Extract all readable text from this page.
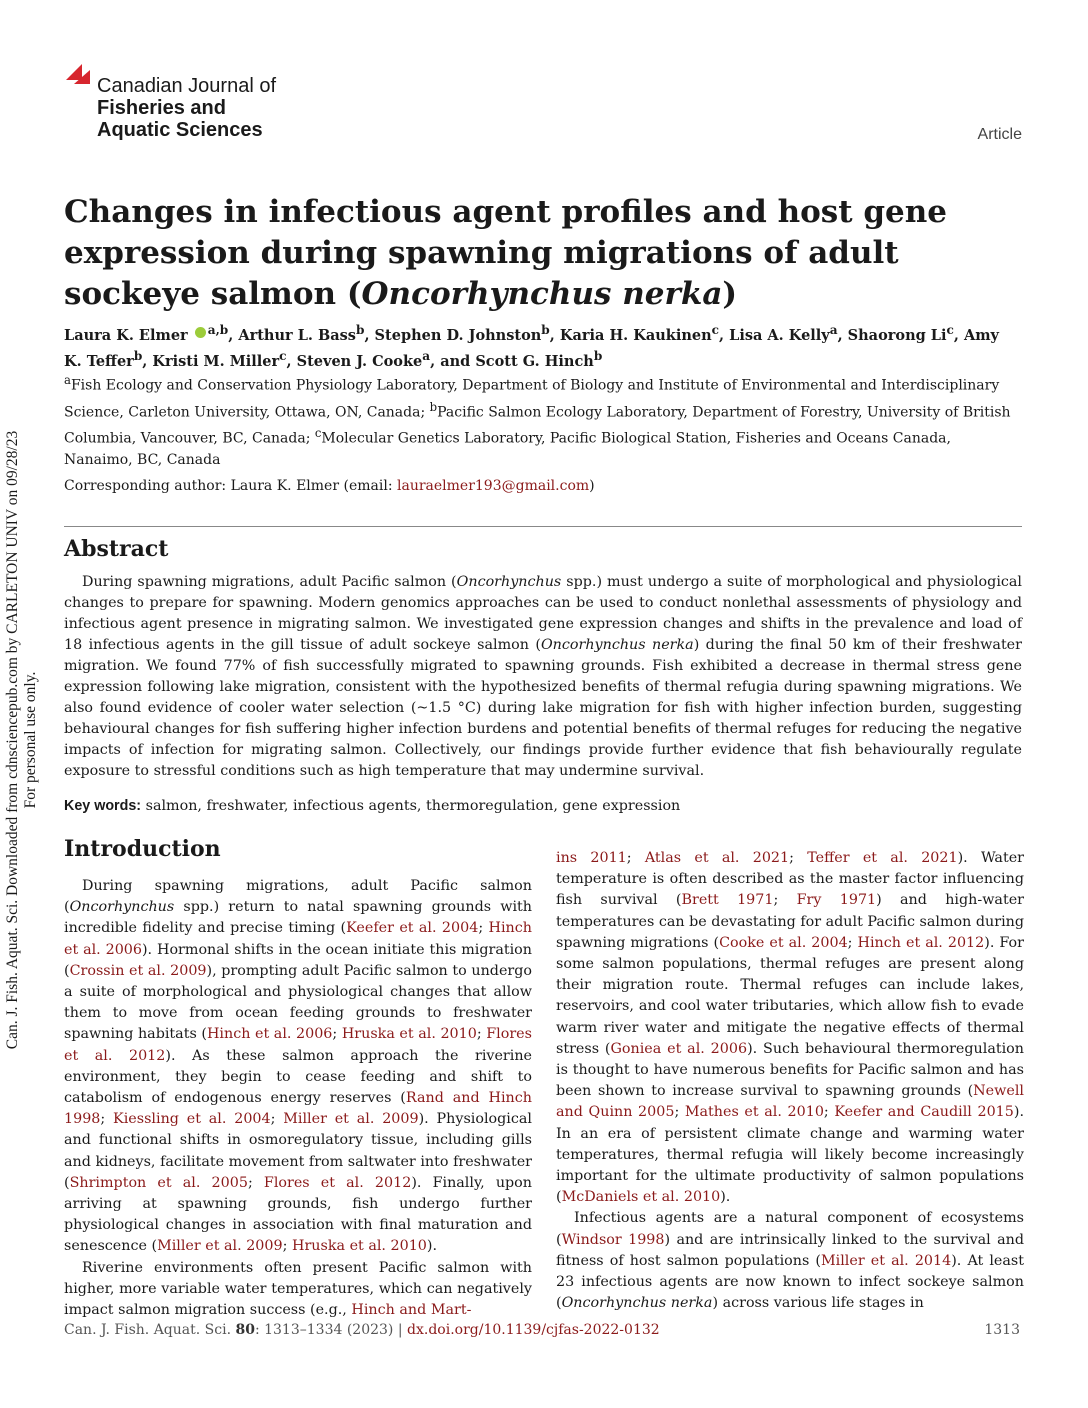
Can. J. Fish. Aquat. Sci. Downloaded from cdnsciencepub.com by CARLETON UNIV on 09/28/23 For personal use only.
Canadian Journal of
Fisheries and
Aquatic Sciences	Article
Changes in infectious agent profiles and host gene expression during spawning migrations of adult sockeye salmon (Oncorhynchus nerka)

Laura K. Elmer $^{a,b}$, Arthur L. Bass$^b$, Stephen D. Johnston$^b$, Karia H. Kaukinen$^c$, Lisa A. Kelly$^a$, Shaorong Li$^c$, Amy K. Teffer$^b$, Kristi M. Miller$^c$, Steven J. Cooke$^a$, and Scott G. Hinch$^b$

$^a$Fish Ecology and Conservation Physiology Laboratory, Department of Biology and Institute of Environmental and Interdisciplinary Science, Carleton University, Ottawa, ON, Canada; $^b$Pacific Salmon Ecology Laboratory, Department of Forestry, University of British Columbia, Vancouver, BC, Canada; $^c$Molecular Genetics Laboratory, Pacific Biological Station, Fisheries and Oceans Canada, Nanaimo, BC, Canada

Corresponding author: Laura K. Elmer (email: lauraelmer193@gmail.com)

Abstract

During spawning migrations, adult Pacific salmon (Oncorhynchus spp.) must undergo a suite of morphological and physiological changes to prepare for spawning. Modern genomics approaches can be used to conduct nonlethal assessments of physiology and infectious agent presence in migrating salmon. We investigated gene expression changes and shifts in the prevalence and load of 18 infectious agents in the gill tissue of adult sockeye salmon (Oncorhynchus nerka) during the final 50 km of their freshwater migration. We found 77% of fish successfully migrated to spawning grounds. Fish exhibited a decrease in thermal stress gene expression following lake migration, consistent with the hypothesized benefits of thermal refugia during spawning migrations. We also found evidence of cooler water selection (~1.5 °C) during lake migration for fish with higher infection burden, suggesting behavioural changes for fish suffering higher infection burdens and potential benefits of thermal refuges for reducing the negative impacts of infection for migrating salmon. Collectively, our findings provide further evidence that fish behaviourally regulate exposure to stressful conditions such as high temperature that may undermine survival.

Key words: salmon, freshwater, infectious agents, thermoregulation, gene expression

Introduction

During spawning migrations, adult Pacific salmon (Oncorhynchus spp.) return to natal spawning grounds with incredible fidelity and precise timing (Keefer et al. 2004; Hinch et al. 2006). Hormonal shifts in the ocean initiate this migration (Crossin et al. 2009), prompting adult Pacific salmon to undergo a suite of morphological and physiological changes that allow them to move from ocean feeding grounds to freshwater spawning habitats (Hinch et al. 2006; Hruska et al. 2010; Flores et al. 2012). As these salmon approach the riverine environment, they begin to cease feeding and shift to catabolism of endogenous energy reserves (Rand and Hinch 1998; Kiessling et al. 2004; Miller et al. 2009). Physiological and functional shifts in osmoregulatory tissue, including gills and kidneys, facilitate movement from saltwater into freshwater (Shrimpton et al. 2005; Flores et al. 2012). Finally, upon arriving at spawning grounds, fish undergo further physiological changes in association with final maturation and senescence (Miller et al. 2009; Hruska et al. 2010).

Riverine environments often present Pacific salmon with higher, more variable water temperatures, which can negatively impact salmon migration success (e.g., Hinch and Mart-

ins 2011; Atlas et al. 2021; Teffer et al. 2021). Water temperature is often described as the master factor influencing fish survival (Brett 1971; Fry 1971) and high-water temperatures can be devastating for adult Pacific salmon during spawning migrations (Cooke et al. 2004; Hinch et al. 2012). For some salmon populations, thermal refuges are present along their migration route. Thermal refuges can include lakes, reservoirs, and cool water tributaries, which allow fish to evade warm river water and mitigate the negative effects of thermal stress (Goniea et al. 2006). Such behavioural thermoregulation is thought to have numerous benefits for Pacific salmon and has been shown to increase survival to spawning grounds (Newell and Quinn 2005; Mathes et al. 2010; Keefer and Caudill 2015). In an era of persistent climate change and warming water temperatures, thermal refugia will likely become increasingly important for the ultimate productivity of salmon populations (McDaniels et al. 2010).

Infectious agents are a natural component of ecosystems (Windsor 1998) and are intrinsically linked to the survival and fitness of host salmon populations (Miller et al. 2014). At least 23 infectious agents are now known to infect sockeye salmon (Oncorhynchus nerka) across various life stages in

Can. J. Fish. Aquat. Sci. 80: 1313–1334 (2023) | dx.doi.org/10.1139/cjfas-2022-0132	1313
